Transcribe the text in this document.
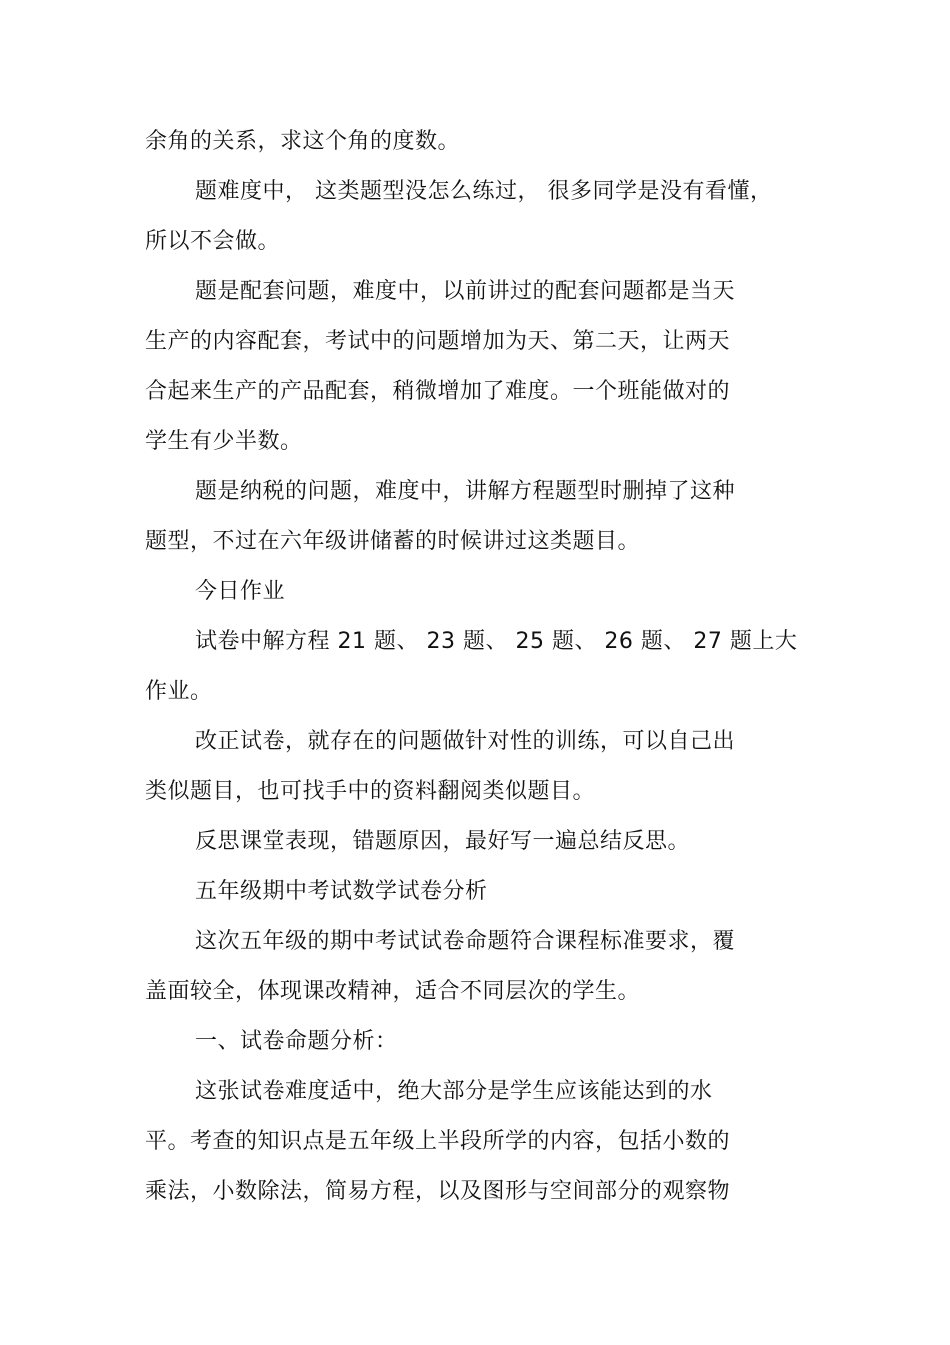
余角的关系，求这个角的度数。
题难度中， 这类题型没怎么练过， 很多同学是没有看懂，
所以不会做。
题是配套问题，难度中，以前讲过的配套问题都是当天
生产的内容配套，考试中的问题增加为天、第二天，让两天
合起来生产的产品配套，稍微增加了难度。一个班能做对的
学生有少半数。
题是纳税的问题，难度中，讲解方程题型时删掉了这种
题型，不过在六年级讲储蓄的时候讲过这类题目。
今日作业
试卷中解方程 21 题、 23 题、 25 题、 26 题、 27 题上大
作业。
改正试卷，就存在的问题做针对性的训练，可以自己出
类似题目，也可找手中的资料翻阅类似题目。
反思课堂表现，错题原因，最好写一遍总结反思。
五年级期中考试数学试卷分析
这次五年级的期中考试试卷命题符合课程标准要求，覆
盖面较全，体现课改精神，适合不同层次的学生。
一、试卷命题分析：
这张试卷难度适中，绝大部分是学生应该能达到的水
平。考查的知识点是五年级上半段所学的内容，包括小数的
乘法，小数除法，简易方程，以及图形与空间部分的观察物
